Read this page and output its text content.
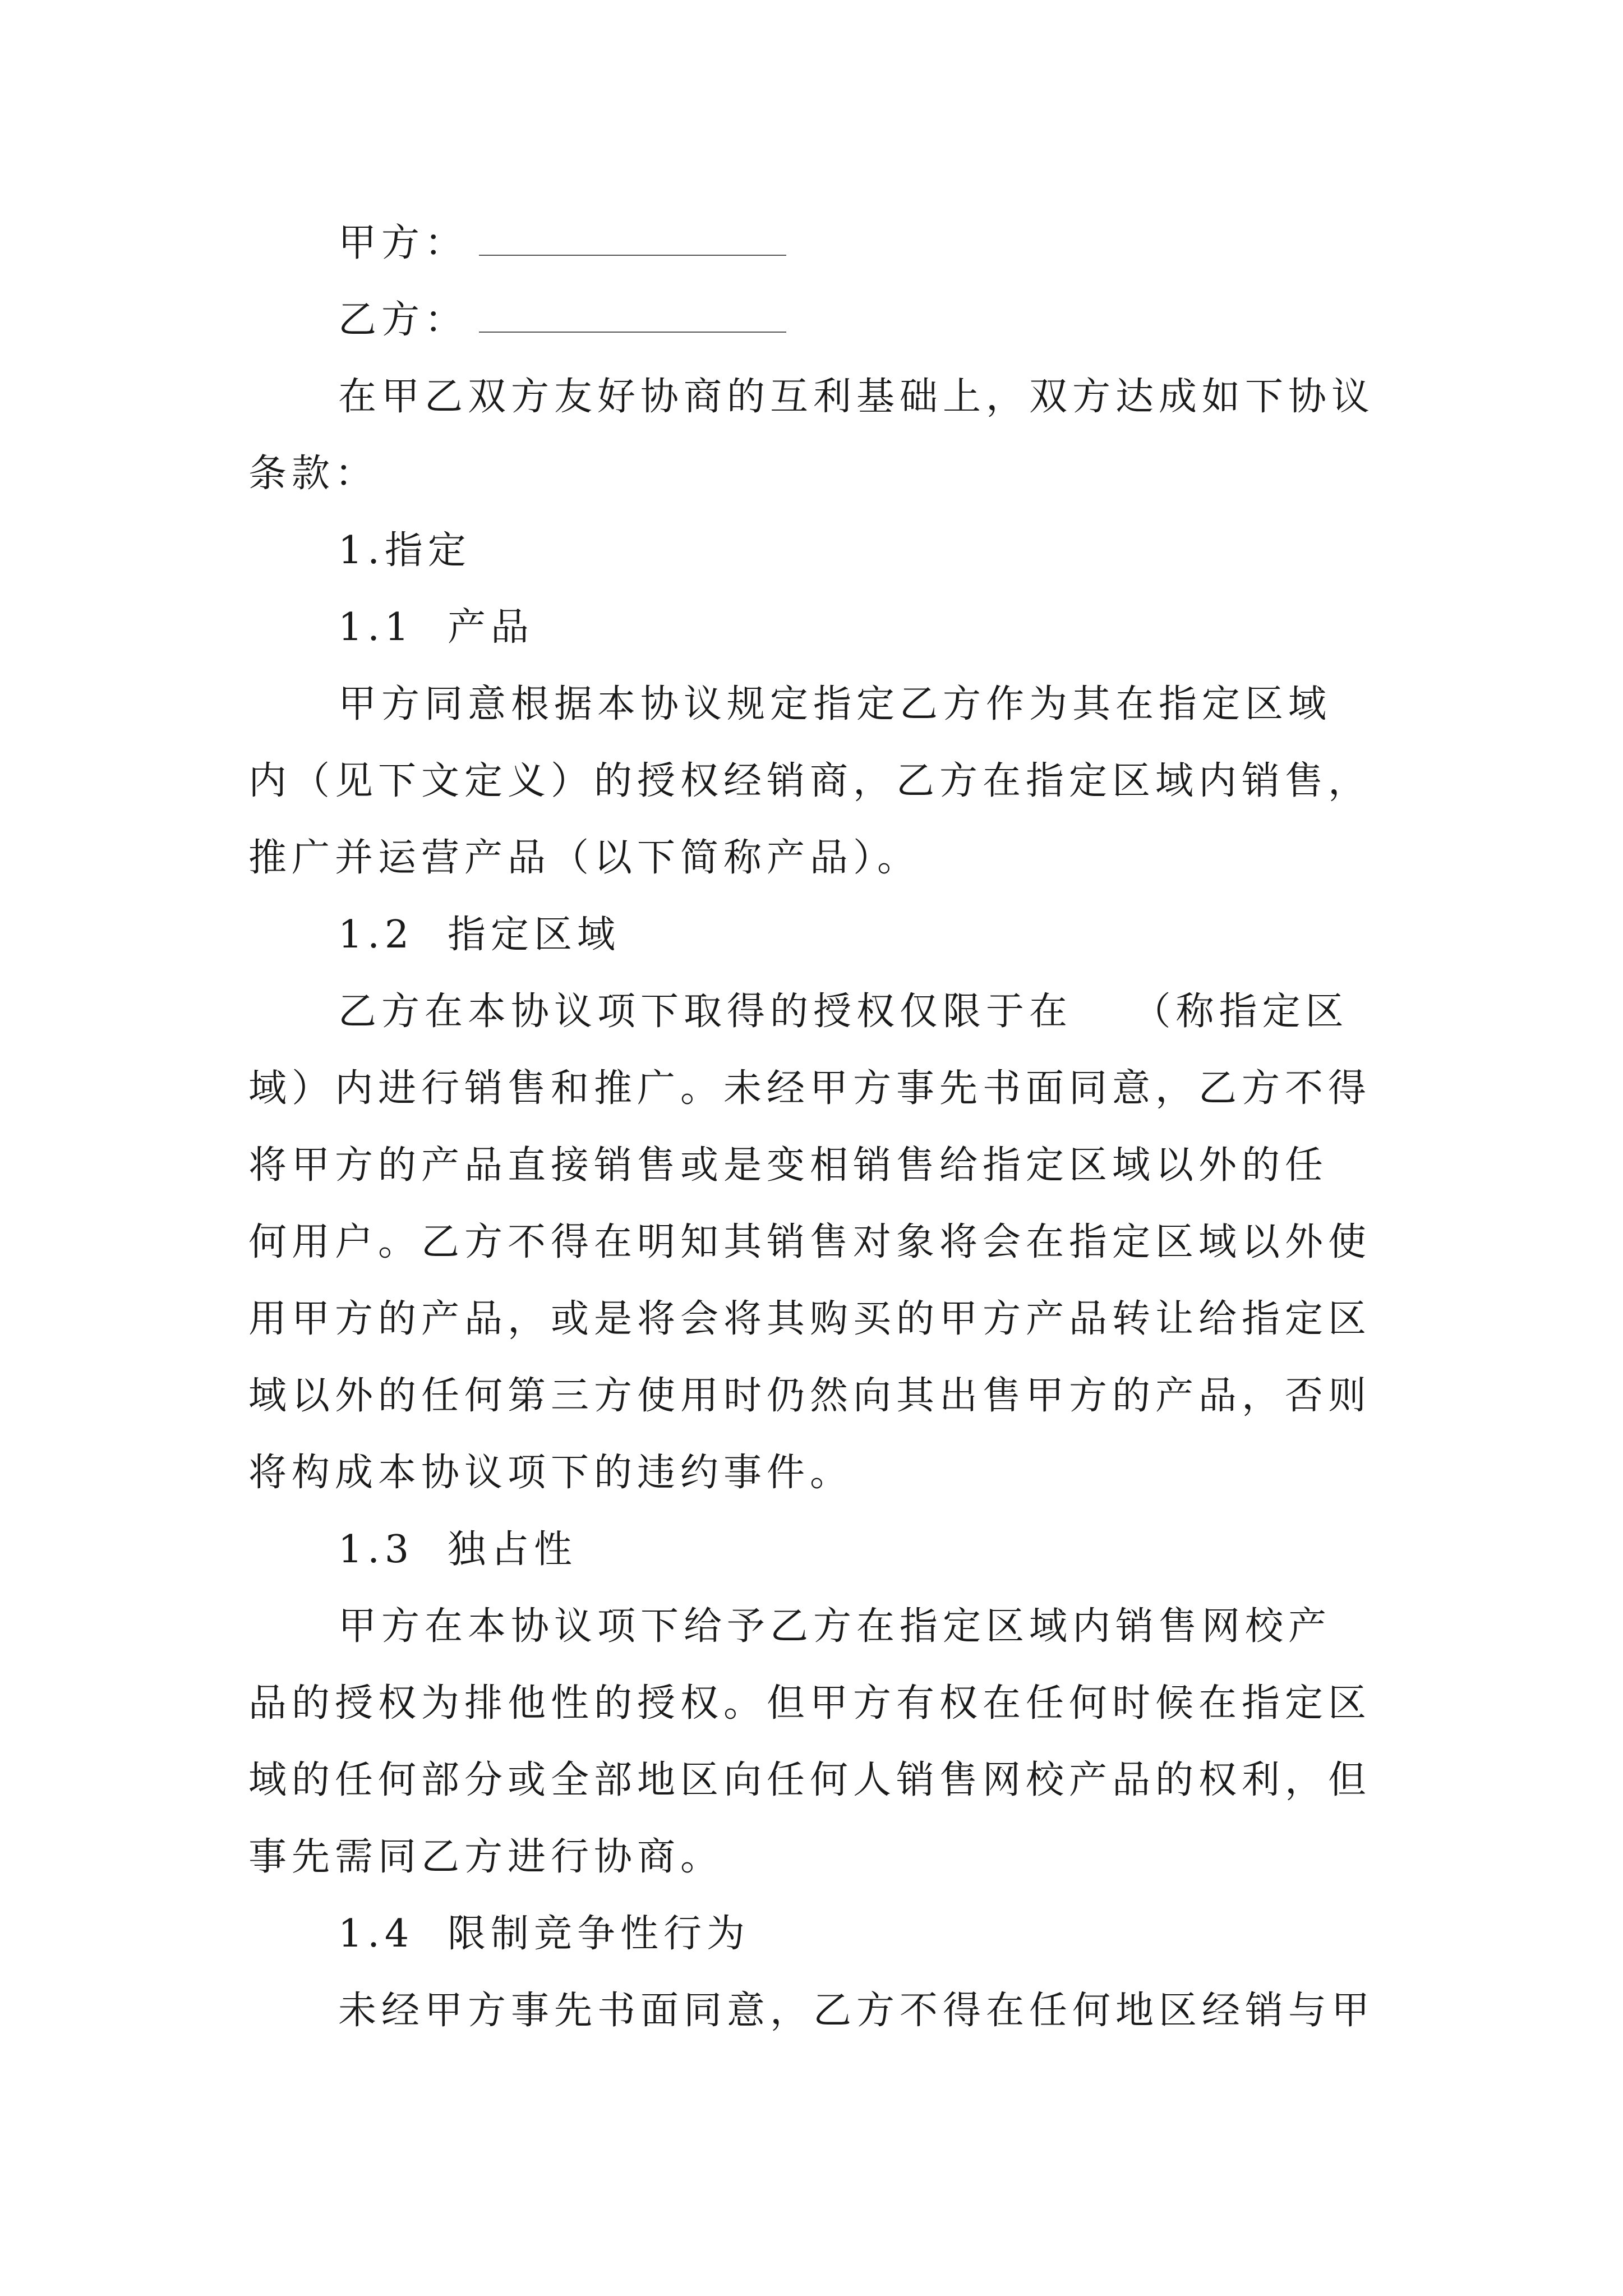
甲方：
乙方：
在甲乙双方友好协商的互利基础上，双方达成如下协议
条款：
1.指定
1.1 产品
甲方同意根据本协议规定指定乙方作为其在指定区域
内（见下文定义）的授权经销商，乙方在指定区域内销售，
推广并运营产品（以下简称产品）。
1.2 指定区域
乙方在本协议项下取得的授权仅限于在　 （称指定区
域）内进行销售和推广。未经甲方事先书面同意，乙方不得
将甲方的产品直接销售或是变相销售给指定区域以外的任
何用户。乙方不得在明知其销售对象将会在指定区域以外使
用甲方的产品，或是将会将其购买的甲方产品转让给指定区
域以外的任何第三方使用时仍然向其出售甲方的产品，否则
将构成本协议项下的违约事件。
1.3 独占性
甲方在本协议项下给予乙方在指定区域内销售网校产
品的授权为排他性的授权。但甲方有权在任何时候在指定区
域的任何部分或全部地区向任何人销售网校产品的权利，但
事先需同乙方进行协商。
1.4 限制竞争性行为
未经甲方事先书面同意，乙方不得在任何地区经销与甲
